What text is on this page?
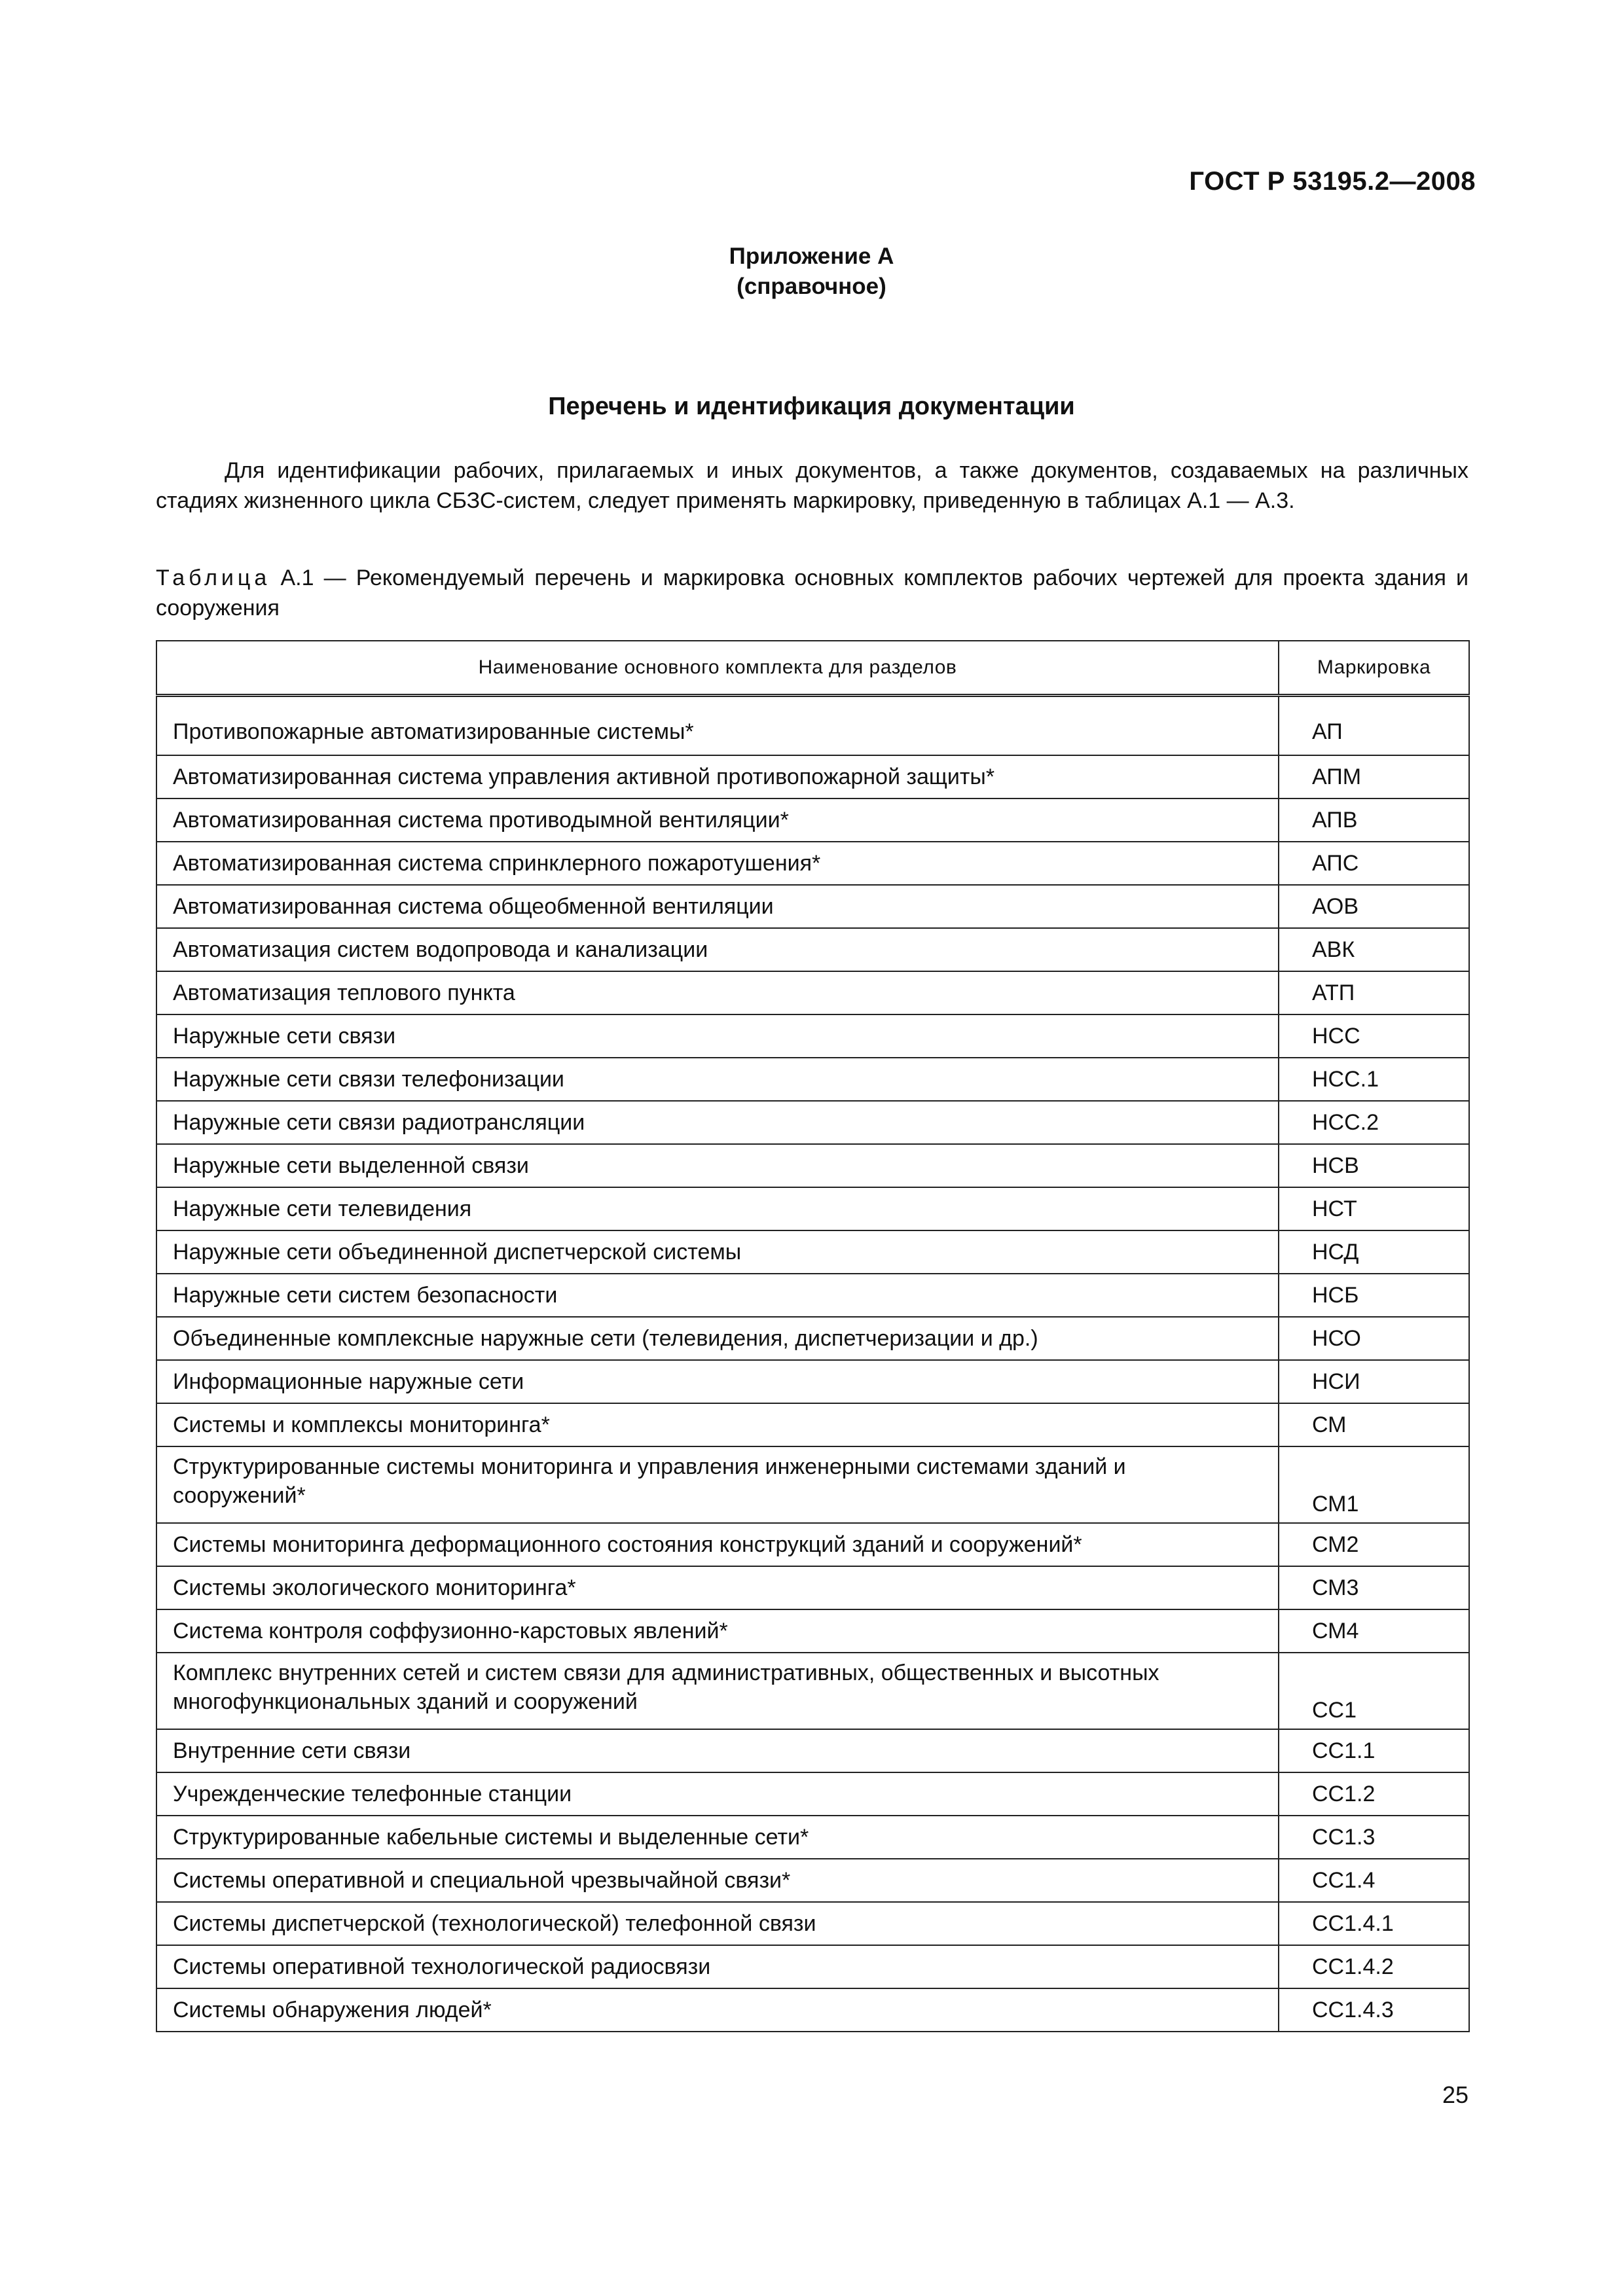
ГОСТ Р 53195.2—2008
Приложение А
(справочное)
Перечень и идентификация документации

Для идентификации рабочих, прилагаемых и иных документов, а также документов, создаваемых на различных стадиях жизненного цикла СБЗС-систем, следует применять маркировку, приведенную в таблицах А.1 — А.3.

Таблица А.1 — Рекомендуемый перечень и маркировка основных комплектов рабочих чертежей для проекта здания и сооружения

Наименование основного комплекта для разделов	Маркировка
Противопожарные автоматизированные системы*	АП
Автоматизированная система управления активной противопожарной защиты*	АПМ
Автоматизированная система противодымной вентиляции*	АПВ
Автоматизированная система спринклерного пожаротушения*	АПС
Автоматизированная система общеобменной вентиляции	АОВ
Автоматизация систем водопровода и канализации	АВК
Автоматизация теплового пункта	АТП
Наружные сети связи	НСС
Наружные сети связи телефонизации	НСС.1
Наружные сети связи радиотрансляции	НСС.2
Наружные сети выделенной связи	НСВ
Наружные сети телевидения	НСТ
Наружные сети объединенной диспетчерской системы	НСД
Наружные сети систем безопасности	НСБ
Объединенные комплексные наружные сети (телевидения, диспетчеризации и др.)	НСО
Информационные наружные сети	НСИ
Системы и комплексы мониторинга*	СМ
Структурированные системы мониторинга и управления инженерными системами зданий и сооружений*	СМ1
Системы мониторинга деформационного состояния конструкций зданий и сооружений*	СМ2
Системы экологического мониторинга*	СМ3
Система контроля соффузионно-карстовых явлений*	СМ4
Комплекс внутренних сетей и систем связи для административных, общественных и высотных многофункциональных зданий и сооружений	СС1
Внутренние сети связи	СС1.1
Учрежденческие телефонные станции	СС1.2
Структурированные кабельные системы и выделенные сети*	СС1.3
Системы оперативной и специальной чрезвычайной связи*	СС1.4
Системы диспетчерской (технологической) телефонной связи	СС1.4.1
Системы оперативной технологической радиосвязи	СС1.4.2
Системы обнаружения людей*	СС1.4.3
25
